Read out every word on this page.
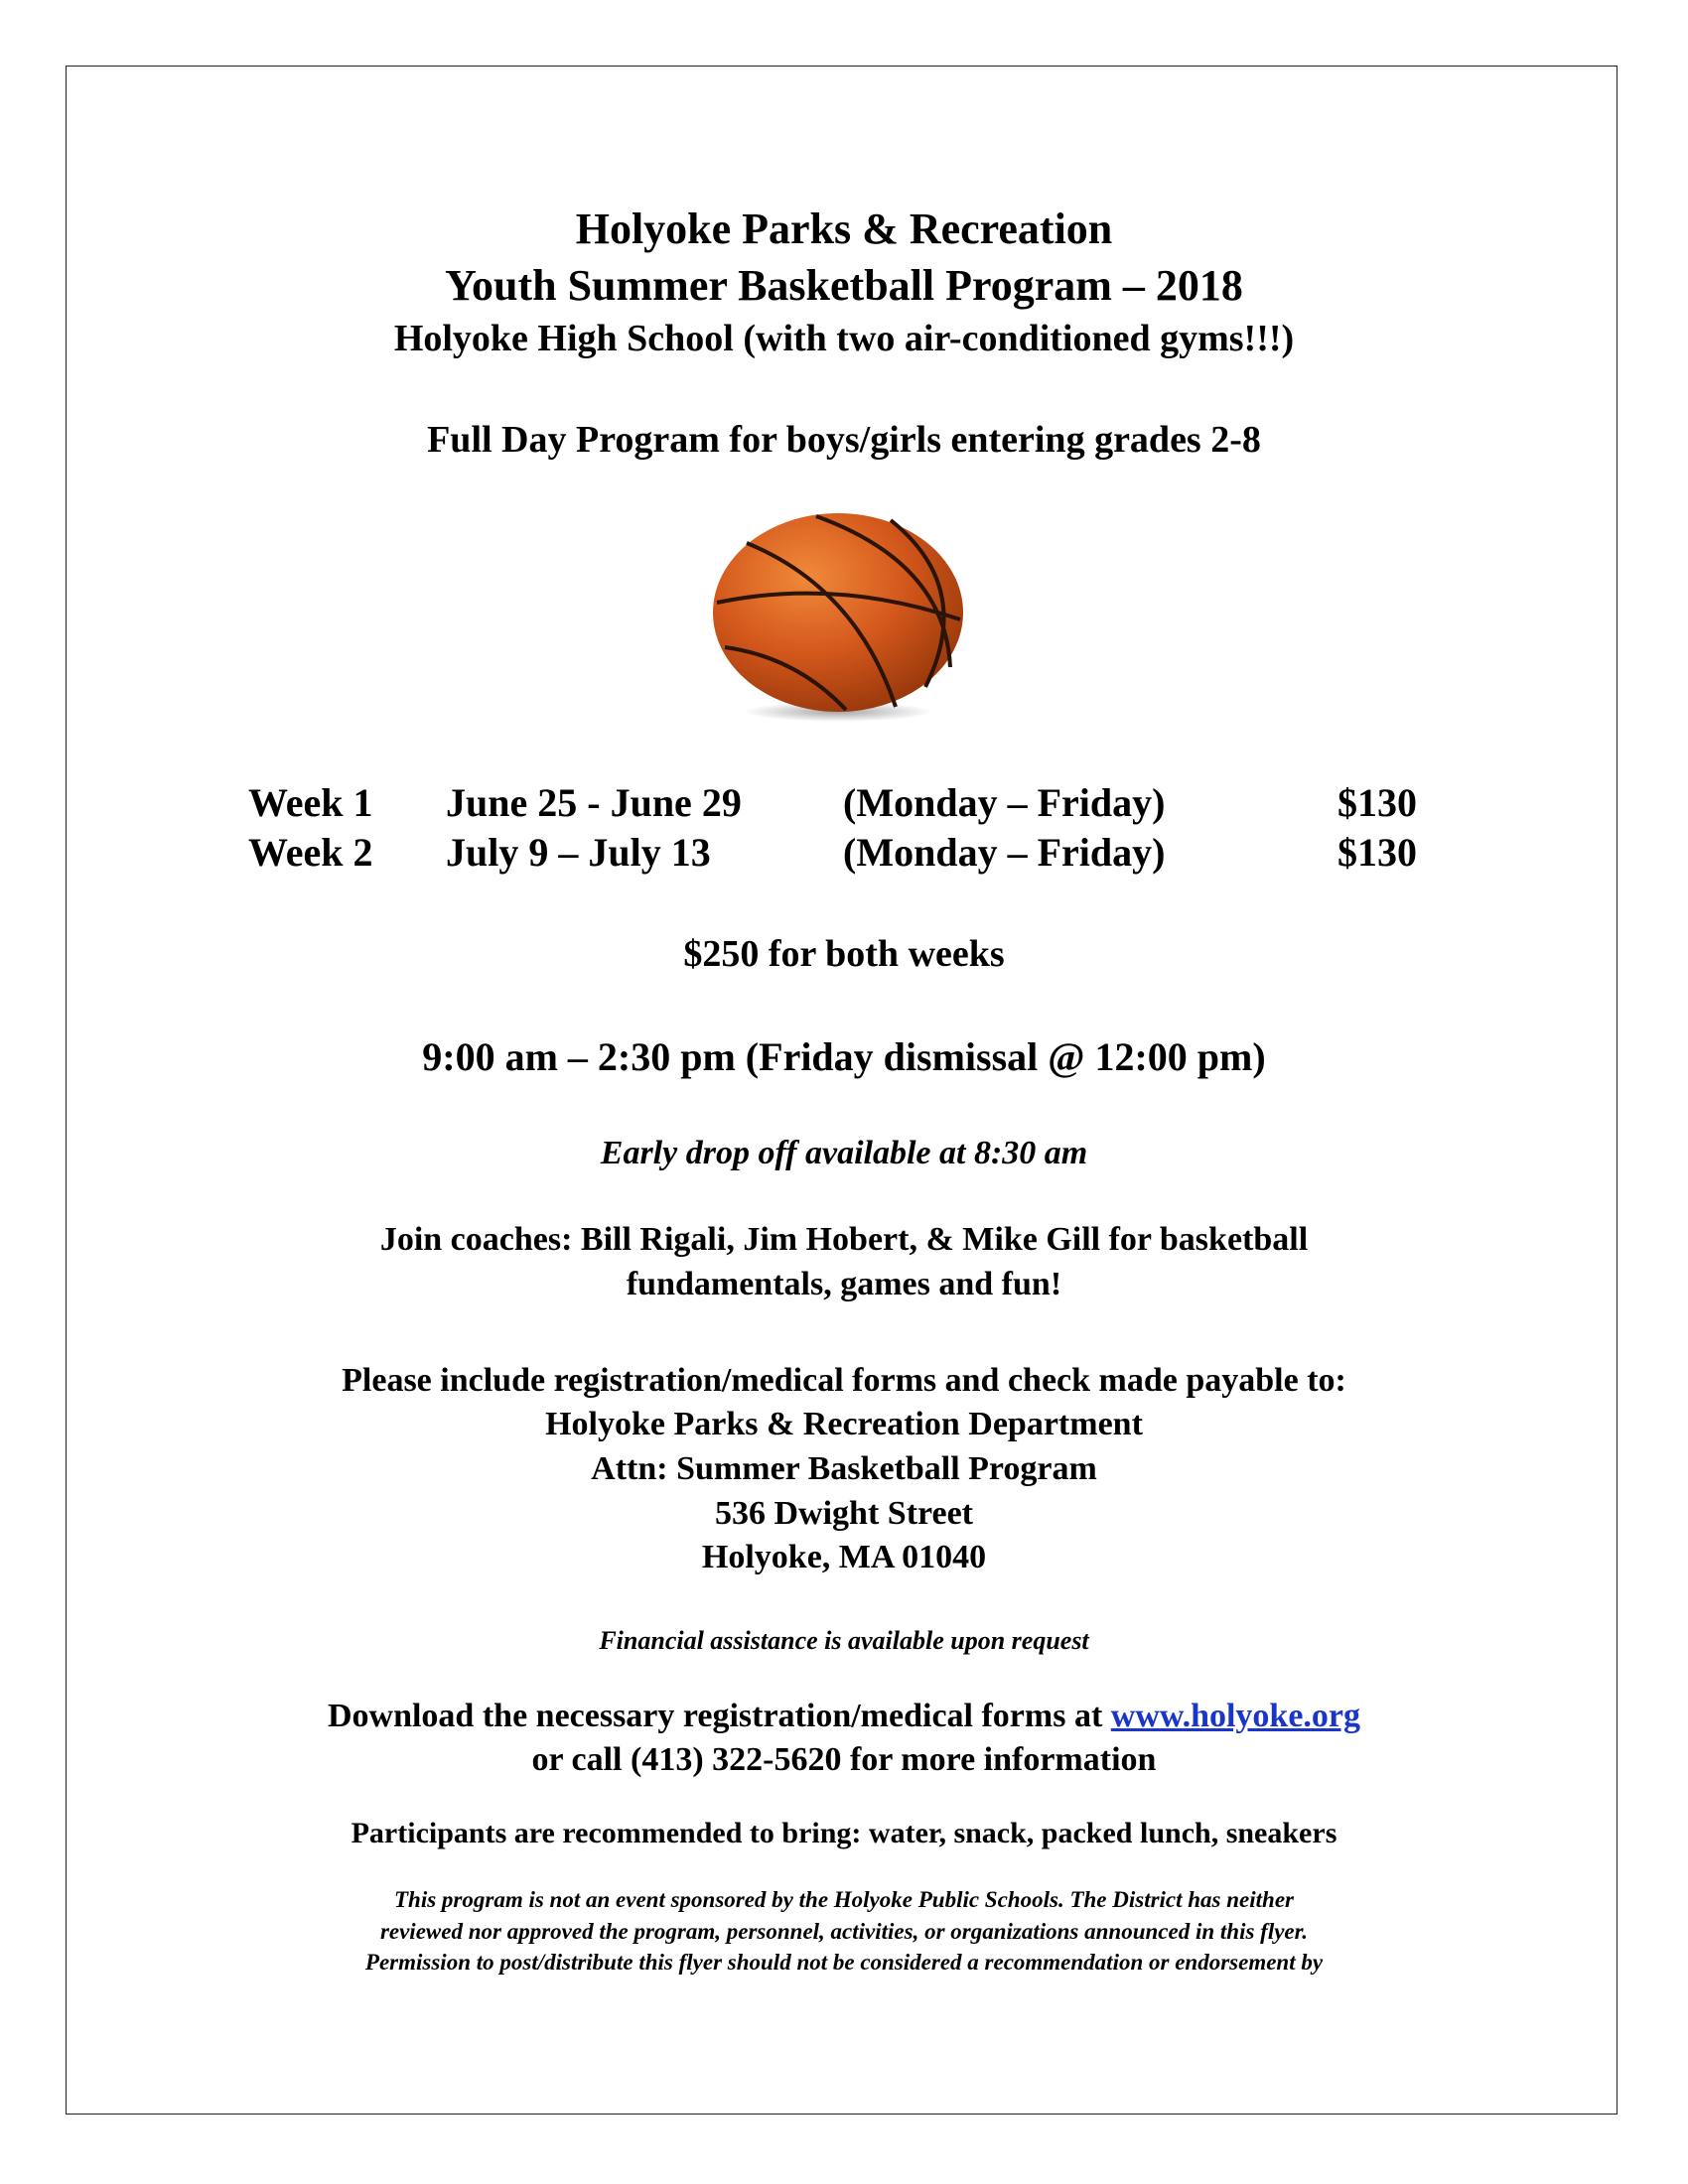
Holyoke Parks & Recreation
Youth Summer Basketball Program – 2018
Holyoke High School (with two air-conditioned gyms!!!)
Full Day Program for boys/girls entering grades 2-8
Week 1 June 25 - June 29	(Monday – Friday)	$130
Week 2 July 9 – July 13	(Monday – Friday)	$130
$250 for both weeks
9:00 am – 2:30 pm (Friday dismissal @ 12:00 pm)
Early drop off available at 8:30 am
Join coaches: Bill Rigali, Jim Hobert, & Mike Gill for basketball
fundamentals, games and fun!
Please include registration/medical forms and check made payable to:
Holyoke Parks & Recreation Department
Attn: Summer Basketball Program
536 Dwight Street
Holyoke, MA 01040
Financial assistance is available upon request
Download the necessary registration/medical forms at www.holyoke.org
or call (413) 322-5620 for more information
Participants are recommended to bring: water, snack, packed lunch, sneakers
This program is not an event sponsored by the Holyoke Public Schools. The District has neither
reviewed nor approved the program, personnel, activities, or organizations announced in this flyer.
Permission to post/distribute this flyer should not be considered a recommendation or endorsement by
